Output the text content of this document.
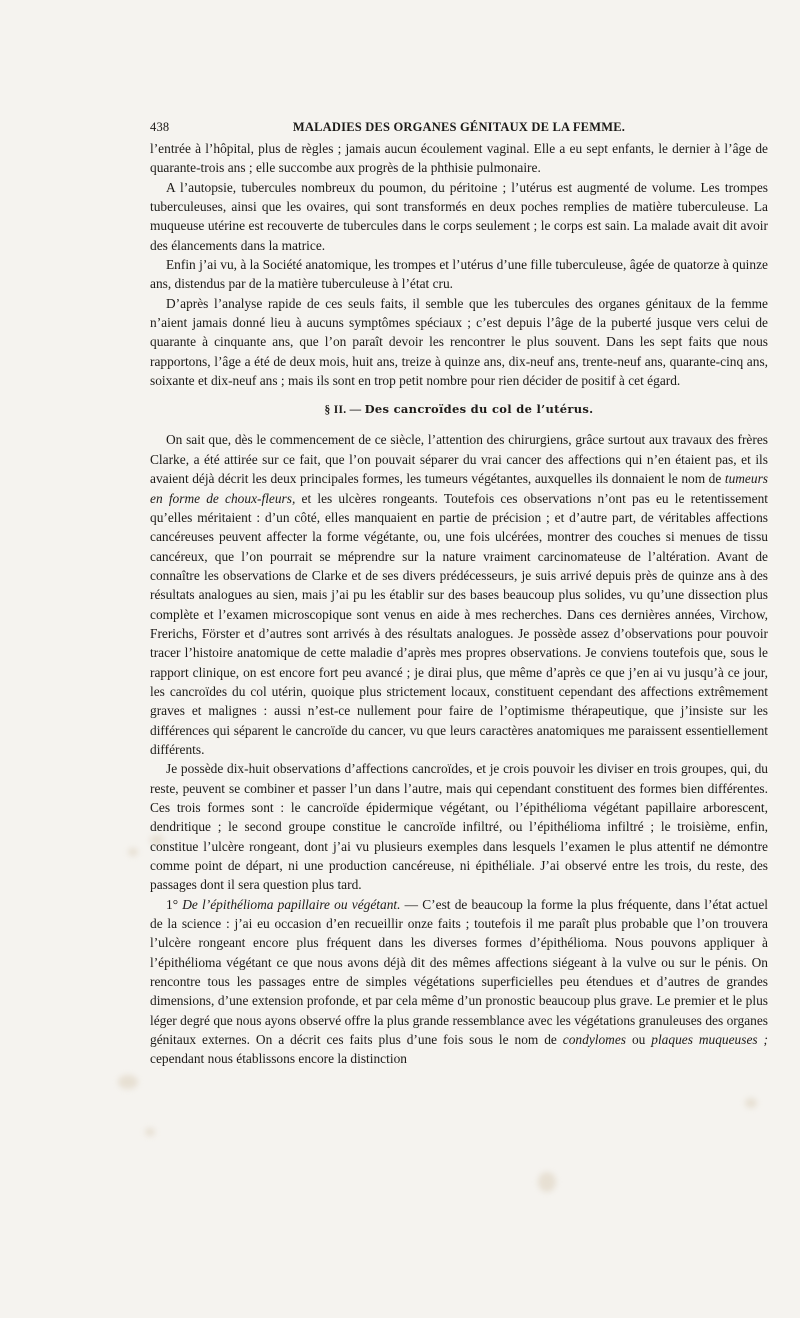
438	MALADIES DES ORGANES GÉNITAUX DE LA FEMME.

l’entrée à l’hôpital, plus de règles ; jamais aucun écoulement vaginal. Elle a eu sept enfants, le dernier à l’âge de quarante-trois ans ; elle succombe aux progrès de la phthisie pulmonaire.

A l’autopsie, tubercules nombreux du poumon, du péritoine ; l’utérus est augmenté de volume. Les trompes tuberculeuses, ainsi que les ovaires, qui sont transformés en deux poches remplies de matière tuberculeuse. La muqueuse utérine est recouverte de tubercules dans le corps seulement ; le corps est sain. La malade avait dit avoir des élancements dans la matrice.

Enfin j’ai vu, à la Société anatomique, les trompes et l’utérus d’une fille tuberculeuse, âgée de quatorze à quinze ans, distendus par de la matière tuberculeuse à l’état cru.

D’après l’analyse rapide de ces seuls faits, il semble que les tubercules des organes génitaux de la femme n’aient jamais donné lieu à aucuns symptômes spéciaux ; c’est depuis l’âge de la puberté jusque vers celui de quarante à cinquante ans, que l’on paraît devoir les rencontrer le plus souvent. Dans les sept faits que nous rapportons, l’âge a été de deux mois, huit ans, treize à quinze ans, dix-neuf ans, trente-neuf ans, quarante-cinq ans, soixante et dix-neuf ans ; mais ils sont en trop petit nombre pour rien décider de positif à cet égard.

§ II. — Des cancroïdes du col de l’utérus.

On sait que, dès le commencement de ce siècle, l’attention des chirurgiens, grâce surtout aux travaux des frères Clarke, a été attirée sur ce fait, que l’on pouvait séparer du vrai cancer des affections qui n’en étaient pas, et ils avaient déjà décrit les deux principales formes, les tumeurs végétantes, auxquelles ils donnaient le nom de tumeurs en forme de choux-fleurs, et les ulcères rongeants. Toutefois ces observations n’ont pas eu le retentissement qu’elles méritaient : d’un côté, elles manquaient en partie de précision ; et d’autre part, de véritables affections cancéreuses peuvent affecter la forme végétante, ou, une fois ulcérées, montrer des couches si menues de tissu cancéreux, que l’on pourrait se méprendre sur la nature vraiment carcinomateuse de l’altération. Avant de connaître les observations de Clarke et de ses divers prédécesseurs, je suis arrivé depuis près de quinze ans à des résultats analogues au sien, mais j’ai pu les établir sur des bases beaucoup plus solides, vu qu’une dissection plus complète et l’examen microscopique sont venus en aide à mes recherches. Dans ces dernières années, Virchow, Frerichs, Förster et d’autres sont arrivés à des résultats analogues. Je possède assez d’observations pour pouvoir tracer l’histoire anatomique de cette maladie d’après mes propres observations. Je conviens toutefois que, sous le rapport clinique, on est encore fort peu avancé ; je dirai plus, que même d’après ce que j’en ai vu jusqu’à ce jour, les cancroïdes du col utérin, quoique plus strictement locaux, constituent cependant des affections extrêmement graves et malignes : aussi n’est-ce nullement pour faire de l’optimisme thérapeutique, que j’insiste sur les différences qui séparent le cancroïde du cancer, vu que leurs caractères anatomiques me paraissent essentiellement différents.

Je possède dix-huit observations d’affections cancroïdes, et je crois pouvoir les diviser en trois groupes, qui, du reste, peuvent se combiner et passer l’un dans l’autre, mais qui cependant constituent des formes bien différentes. Ces trois formes sont : le cancroïde épidermique végétant, ou l’épithélioma végétant papillaire arborescent, dendritique ; le second groupe constitue le cancroïde infiltré, ou l’épithélioma infiltré ; le troisième, enfin, constitue l’ulcère rongeant, dont j’ai vu plusieurs exemples dans lesquels l’examen le plus attentif ne démontre comme point de départ, ni une production cancéreuse, ni épithéliale. J’ai observé entre les trois, du reste, des passages dont il sera question plus tard.

1° De l’épithélioma papillaire ou végétant. — C’est de beaucoup la forme la plus fréquente, dans l’état actuel de la science : j’ai eu occasion d’en recueillir onze faits ; toutefois il me paraît plus probable que l’on trouvera l’ulcère rongeant encore plus fréquent dans les diverses formes d’épithélioma. Nous pouvons appliquer à l’épithélioma végétant ce que nous avons déjà dit des mêmes affections siégeant à la vulve ou sur le pénis. On rencontre tous les passages entre de simples végétations superficielles peu étendues et d’autres de grandes dimensions, d’une extension profonde, et par cela même d’un pronostic beaucoup plus grave. Le premier et le plus léger degré que nous ayons observé offre la plus grande ressemblance avec les végétations granuleuses des organes génitaux externes. On a décrit ces faits plus d’une fois sous le nom de condylomes ou plaques muqueuses ; cependant nous établissons encore la distinction
